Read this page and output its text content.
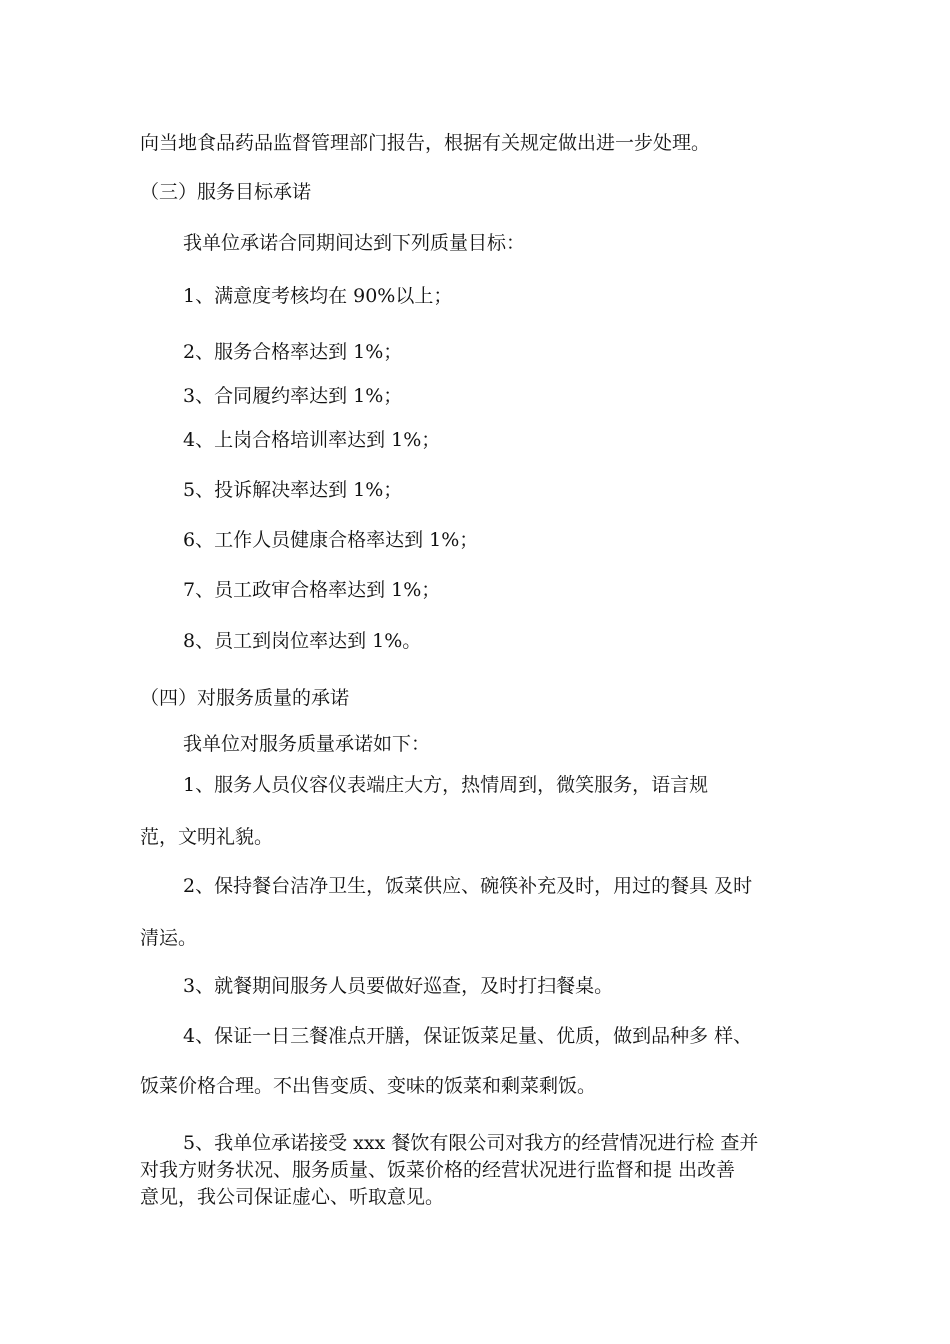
向当地食品药品监督管理部门报告，根据有关规定做出进一步处理。
（三）服务目标承诺
我单位承诺合同期间达到下列质量目标：
1、满意度考核均在 90%以上；
2、服务合格率达到 1%；
3、合同履约率达到 1%；
4、上岗合格培训率达到 1%；
5、投诉解决率达到 1%；
6、工作人员健康合格率达到 1%；
7、员工政审合格率达到 1%；
8、员工到岗位率达到 1%。
（四）对服务质量的承诺
我单位对服务质量承诺如下：
1、服务人员仪容仪表端庄大方，热情周到，微笑服务，语言规
范，文明礼貌。
2、保持餐台洁净卫生，饭菜供应、碗筷补充及时，用过的餐具 及时
清运。
3、就餐期间服务人员要做好巡查，及时打扫餐桌。
4、保证一日三餐准点开膳，保证饭菜足量、优质，做到品种多 样、
饭菜价格合理。不出售变质、变味的饭菜和剩菜剩饭。
5、我单位承诺接受 xxx 餐饮有限公司对我方的经营情况进行检 查并
对我方财务状况、服务质量、饭菜价格的经营状况进行监督和提 出改善
意见，我公司保证虚心、听取意见。
